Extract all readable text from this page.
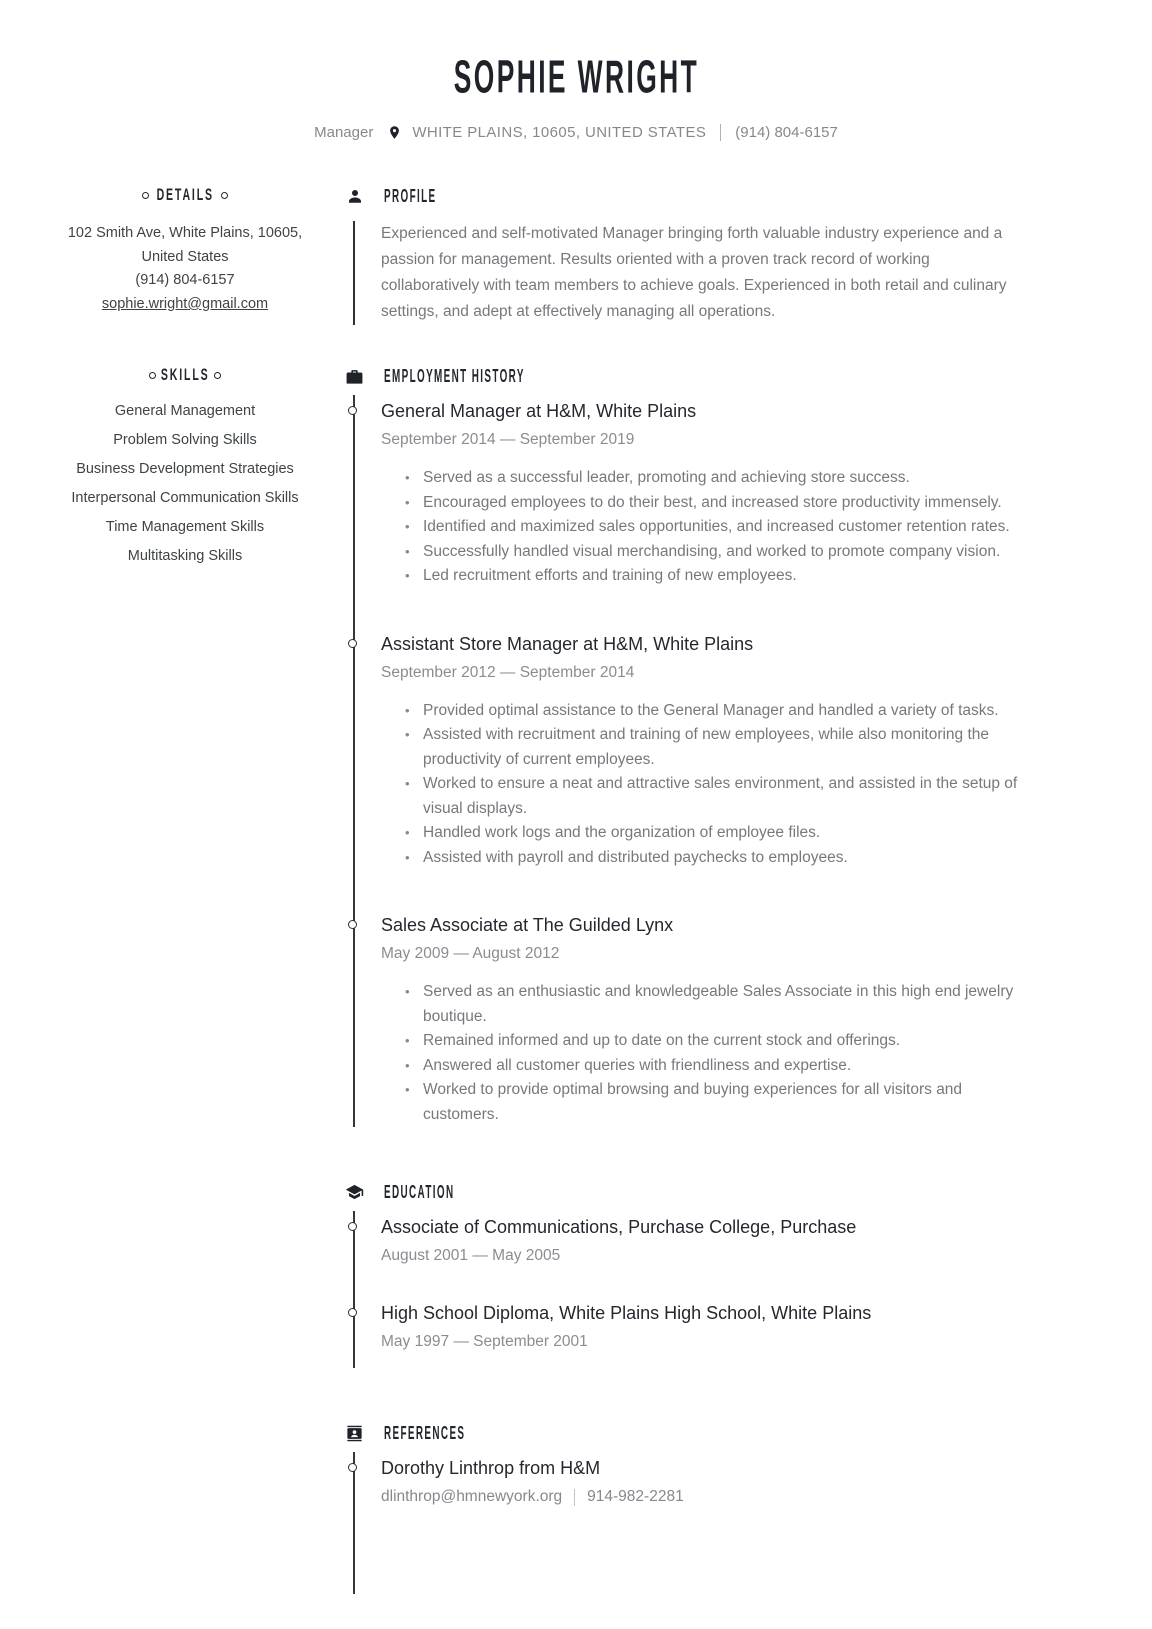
SOPHIE WRIGHT
Manager	WHITE PLAINS, 10605, UNITED STATES (914) 804-6157
DETAILS
102 Smith Ave, White Plains, 10605,
United States
(914) 804-6157
sophie.wright@gmail.com
SKILLS
General Management
Problem Solving Skills
Business Development Strategies
Interpersonal Communication Skills
Time Management Skills
Multitasking Skills
PROFILE
Experienced and self-motivated Manager bringing forth valuable industry experience and a passion for management. Results oriented with a proven track record of working collaboratively with team members to achieve goals. Experienced in both retail and culinary settings, and adept at effectively managing all operations.
EMPLOYMENT HISTORY
General Manager at H&M, White Plains
September 2014 — September 2019
• Served as a successful leader, promoting and achieving store success.
• Encouraged employees to do their best, and increased store productivity immensely.
• Identified and maximized sales opportunities, and increased customer retention rates.
• Successfully handled visual merchandising, and worked to promote company vision.
• Led recruitment efforts and training of new employees.
Assistant Store Manager at H&M, White Plains
September 2012 — September 2014
• Provided optimal assistance to the General Manager and handled a variety of tasks.
• Assisted with recruitment and training of new employees, while also monitoring the productivity of current employees.
• Worked to ensure a neat and attractive sales environment, and assisted in the setup of visual displays.
• Handled work logs and the organization of employee files.
• Assisted with payroll and distributed paychecks to employees.
Sales Associate at The Guilded Lynx
May 2009 — August 2012
• Served as an enthusiastic and knowledgeable Sales Associate in this high end jewelry boutique.
• Remained informed and up to date on the current stock and offerings.
• Answered all customer queries with friendliness and expertise.
• Worked to provide optimal browsing and buying experiences for all visitors and customers.
EDUCATION
Associate of Communications, Purchase College, Purchase
August 2001 — May 2005
High School Diploma, White Plains High School, White Plains
May 1997 — September 2001
REFERENCES
Dorothy Linthrop from H&M
dlinthrop@hmnewyork.org 914-982-2281
